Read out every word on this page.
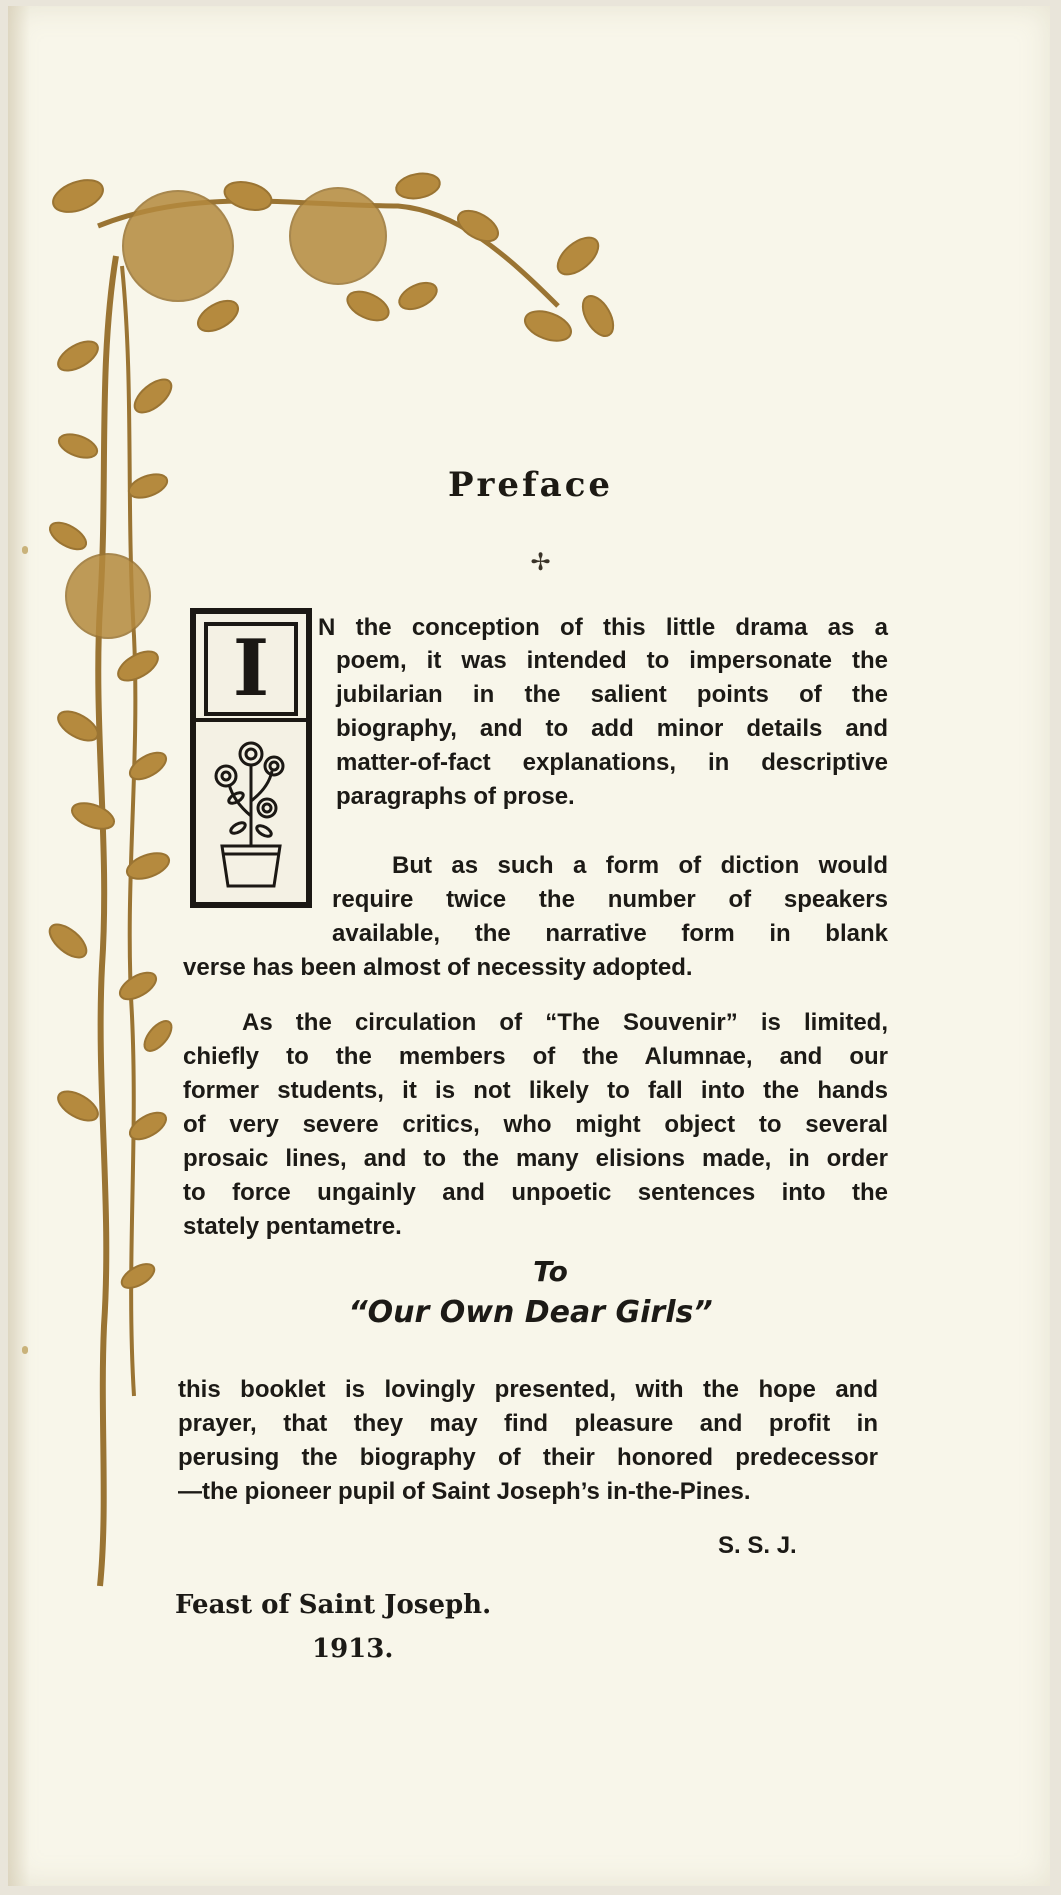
Preface
✢
I	N the conception of this little drama as a
poem, it was intended to impersonate the
jubilarian in the salient points of the
biography, and to add minor details and
matter-of-fact explanations, in descriptive
paragraphs of prose.
But as such a form of diction would
require twice the number of speakers
available, the narrative form in blank
verse has been almost of necessity adopted.
As the circulation of “The Souvenir” is limited,
chiefly to the members of the Alumnae, and our
former students, it is not likely to fall into the hands
of very severe critics, who might object to several
prosaic lines, and to the many elisions made, in order
to force ungainly and unpoetic sentences into the
stately pentametre.
this booklet is lovingly presented, with the hope and
prayer, that they may find pleasure and profit in
perusing the biography of their honored predecessor
—the pioneer pupil of Saint Joseph’s in-the-Pines.
S. S. J.
To
“Our Own Dear Girls”
Feast of Saint Joseph.
1913.
